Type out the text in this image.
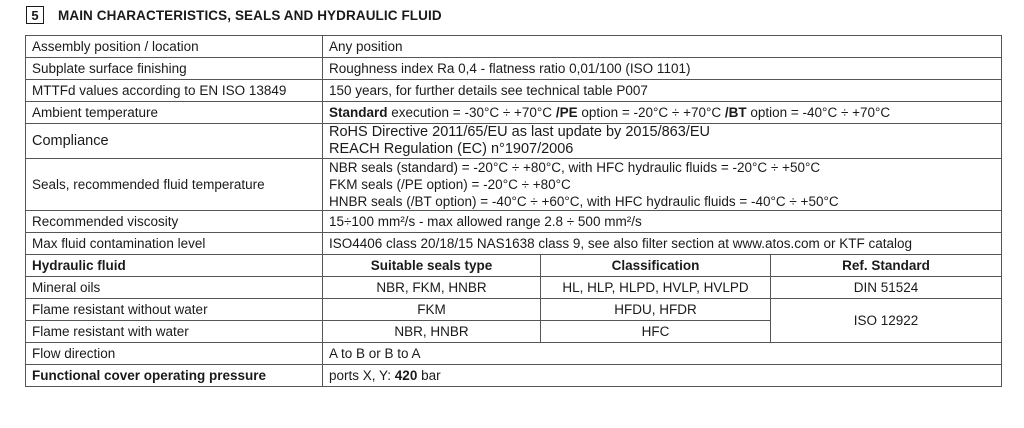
5	MAIN CHARACTERISTICS, SEALS AND HYDRAULIC FLUID
Assembly position / location	Any position		
Subplate surface finishing	Roughness index Ra 0,4 - flatness ratio 0,01/100 (ISO 1101)		
MTTFd values according to EN ISO 13849	150 years, for further details see technical table P007		
Ambient temperature	Standard execution = -30°C ÷ +70°C /PE option = -20°C ÷ +70°C /BT option = -40°C ÷ +70°C		
Compliance	RoHS Directive 2011/65/EU as last update by 2015/863/EU
REACH Regulation (EC) n°1907/2006		

Seals, recommended fluid temperature	NBR seals (standard) = -20°C ÷ +80°C, with HFC hydraulic fluids = -20°C ÷ +50°C
FKM seals (/PE option) = -20°C ÷ +80°C
HNBR seals (/BT option) = -40°C ÷ +60°C, with HFC hydraulic fluids = -40°C ÷ +50°C		

Recommended viscosity	15÷100 mm²/s - max allowed range 2.8 ÷ 500 mm²/s		
Max fluid contamination level	ISO4406 class 20/18/15 NAS1638 class 9, see also filter section at www.atos.com or KTF catalog		
Hydraulic fluid	Suitable seals type	Classification	Ref. Standard
Mineral oils	NBR, FKM, HNBR	HL, HLP, HLPD, HVLP, HVLPD	DIN 51524
Flame resistant without water	FKM	HFDU, HFDR	ISO 12922
Flame resistant with water	NBR, HNBR	HFC	
Flow direction	A to B or B to A		
Functional cover operating pressure	ports X, Y: 420 bar		
